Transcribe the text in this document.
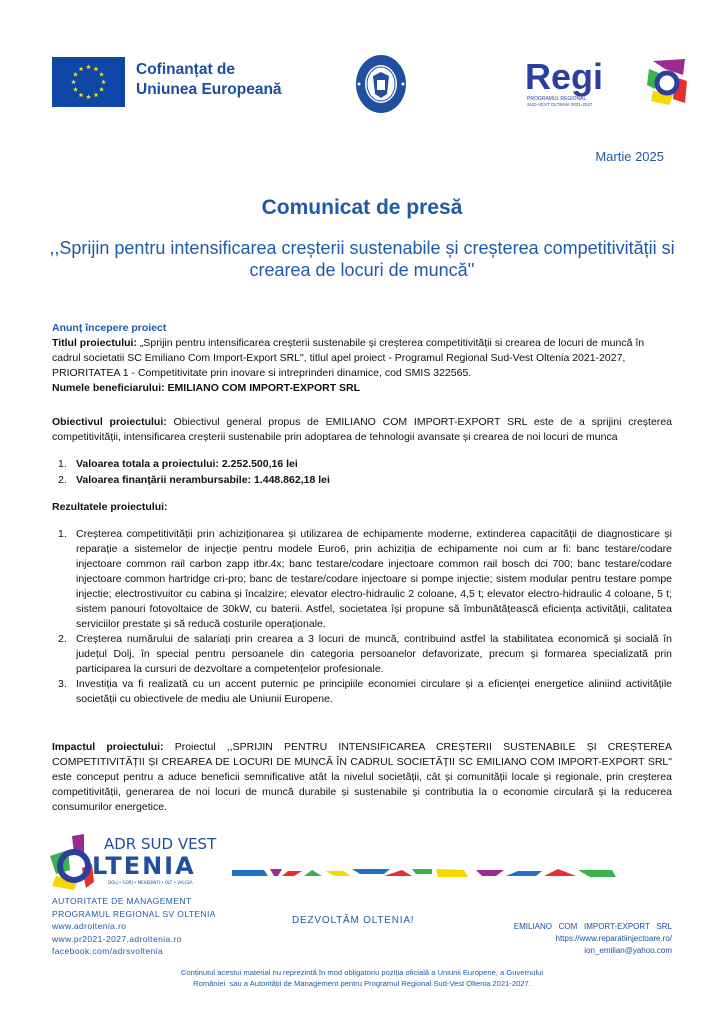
Cofinanțat de
Uniunea Europeană	Regi
PROGRAMUL REGIONAL
SUD-VEST OLTENIA 2021-2027
Martie 2025
Comunicat de presă
,,Sprijin pentru intensificarea creșterii sustenabile și creșterea competitivității si crearea de locuri de muncă''
Anunț începere proiect
Titlul proiectului: „Sprijin pentru intensificarea creșterii sustenabile și creșterea competitivității si crearea de locuri de muncă în cadrul societatii SC Emiliano Com Import-Export SRL", titlul apel proiect - Programul Regional Sud-Vest Oltenia 2021-2027, PRIORITATEA 1 - Competitivitate prin inovare si intreprinderi dinamice, cod SMIS 322565.
Numele beneficiarului: EMILIANO COM IMPORT-EXPORT SRL
Obiectivul proiectului: Obiectivul general propus de EMILIANO COM IMPORT-EXPORT SRL este de a sprijini creșterea competitivității, intensificarea creșterii sustenabile prin adoptarea de tehnologii avansate și crearea de noi locuri de munca
1. Valoarea totala a proiectului: 2.252.500,16 lei
2. Valoarea finanţării nerambursabile: 1.448.862,18 lei
Rezultatele proiectului:
1. Creșterea competitivității prin achiziționarea și utilizarea de echipamente moderne, extinderea capacității de diagnosticare și reparație a sistemelor de injecție pentru modele Euro6, prin achiziția de echipamente noi cum ar fi: banc testare/codare injectoare common rail carbon zapp itbr.4x; banc testare/codare injectoare common rail bosch dci 700; banc testare/codare injectoare common hartridge cri-pro; banc de testare/codare injectoare si pompe injectie; sistem modular pentru testare pompe injectie; electrostivuitor cu cabina și încalzire; elevator electro-hidraulic 2 coloane, 4,5 t; elevator electro-hidraulic 4 coloane, 5 t; sistem panouri fotovoltaice de 30kW, cu baterii. Astfel, societatea își propune să îmbunătățească eficiența activității, calitatea serviciilor prestate și să reducă costurile operaționale.
2. Creșterea numărului de salariați prin crearea a 3 locuri de muncă, contribuind astfel la stabilitatea economică și socială în județul Dolj, în special pentru persoanele din categoria persoanelor defavorizate, precum și formarea specializată prin participarea la cursuri de dezvoltare a competențelor profesionale.
3. Investiția va fi realizată cu un accent puternic pe principiile economiei circulare și a eficienței energetice aliniind activitățile societății cu obiectivele de mediu ale Uniunii Europene.
Impactul proiectului: Proiectul ,,SPRIJIN PENTRU INTENSIFICAREA CREȘTERII SUSTENABILE ȘI CREȘTEREA COMPETITIVITĂȚII ȘI CREAREA DE LOCURI DE MUNCĂ ÎN CADRUL SOCIETĂȚII SC EMILIANO COM IMPORT-EXPORT SRL" este conceput pentru a aduce beneficii semnificative atât la nivelul societății, cât și comunității locale și regionale, prin creșterea competitivității, generarea de noi locuri de muncă durabile și sustenabile și contributia la o economie circulară și la reducerea consumurilor energetice.
ADR SUD VEST
LTENIA
DOLJ • GORJ • MEHEDINTI • OLT • VALCEA
AUTORITATE DE MANAGEMENT
PROGRAMUL REGIONAL SV OLTENIA
www.adroltenia.ro
www.pr2021-2027.adroltenia.ro
facebook.com/adrsvoltenia
DEZVOLTĂM OLTENIA!
EMILIANO   COM   IMPORT-EXPORT   SRL
https://www.reparatiinjectoare.ro/
ion_emilian@yahoo.com
Conținutul acestui material nu reprezintă în mod obligatoriu poziția oficială a Uniunii Europene, a Guvernului
României  sau a Autorității de Management pentru Programul Regional Sud-Vest Oltenia 2021-2027.
